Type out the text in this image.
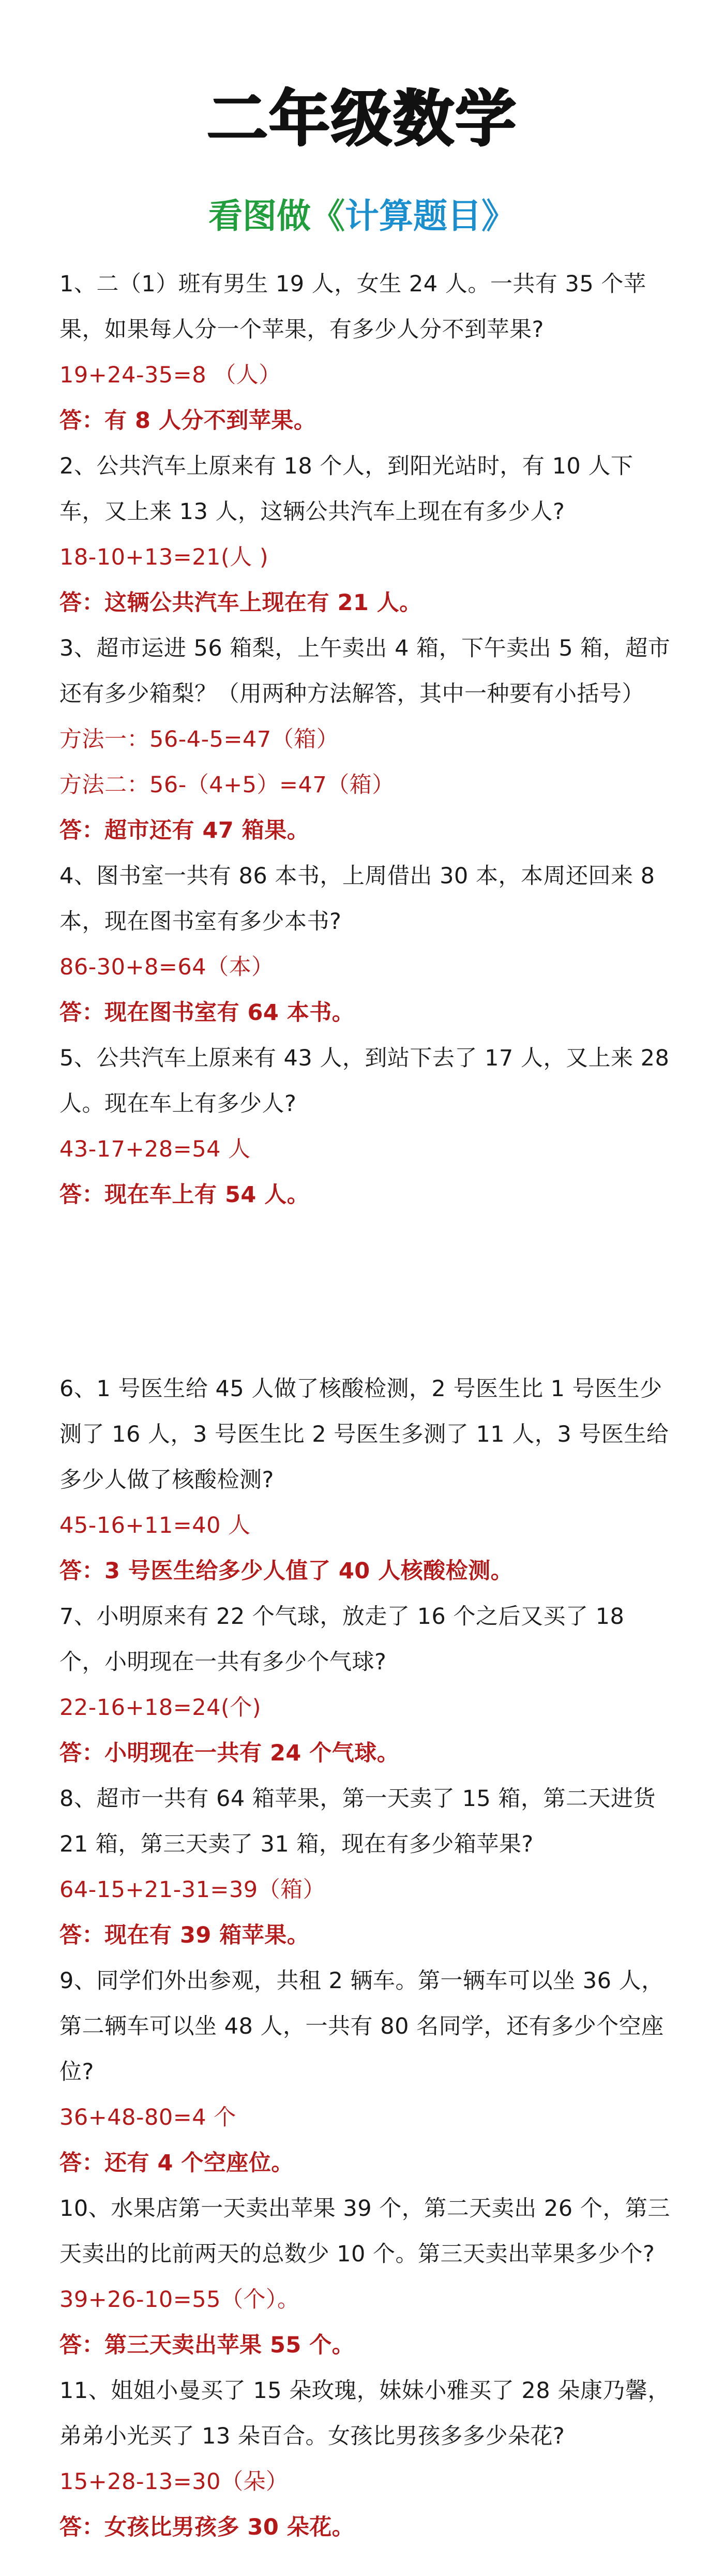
二年级数学
看图做《计算题目》

1、二（1）班有男生 19 人，女生 24 人。一共有 35 个苹果，如果每人分一个苹果，有多少人分不到苹果?

19+24-35=8 （人）

答：有 8 人分不到苹果。

2、公共汽车上原来有 18 个人，到阳光站时，有 10 人下车，又上来 13 人，这辆公共汽车上现在有多少人?

18-10+13=21(人 )

答：这辆公共汽车上现在有 21 人。

3、超市运进 56 箱梨，上午卖出 4 箱，下午卖出 5 箱，超市还有多少箱梨？（用两种方法解答，其中一种要有小括号）

方法一：56-4-5=47（箱）

方法二：56-（4+5）=47（箱）

答：超市还有 47 箱果。

4、图书室一共有 86 本书，上周借出 30 本，本周还回来 8 本，现在图书室有多少本书?

86-30+8=64（本）

答：现在图书室有 64 本书。

5、公共汽车上原来有 43 人，到站下去了 17 人，又上来 28 人。现在车上有多少人?

43-17+28=54 人

答：现在车上有 54 人。

6、1 号医生给 45 人做了核酸检测，2 号医生比 1 号医生少测了 16 人，3 号医生比 2 号医生多测了 11 人，3 号医生给多少人做了核酸检测?

45-16+11=40 人

答：3 号医生给多少人值了 40 人核酸检测。

7、小明原来有 22 个气球，放走了 16 个之后又买了 18 个，小明现在一共有多少个气球?

22-16+18=24(个)

答：小明现在一共有 24 个气球。

8、超市一共有 64 箱苹果，第一天卖了 15 箱，第二天进货 21 箱，第三天卖了 31 箱，现在有多少箱苹果?

64-15+21-31=39（箱）

答：现在有 39 箱苹果。

9、同学们外出参观，共租 2 辆车。第一辆车可以坐 36 人，第二辆车可以坐 48 人，一共有 80 名同学，还有多少个空座位?

36+48-80=4 个

答：还有 4 个空座位。

10、水果店第一天卖出苹果 39 个，第二天卖出 26 个，第三天卖出的比前两天的总数少 10 个。第三天卖出苹果多少个?

39+26-10=55（个）。

答：第三天卖出苹果 55 个。

11、姐姐小曼买了 15 朵玫瑰，妹妹小雅买了 28 朵康乃馨，弟弟小光买了 13 朵百合。女孩比男孩多多少朵花?

15+28-13=30（朵）

答：女孩比男孩多 30 朵花。
